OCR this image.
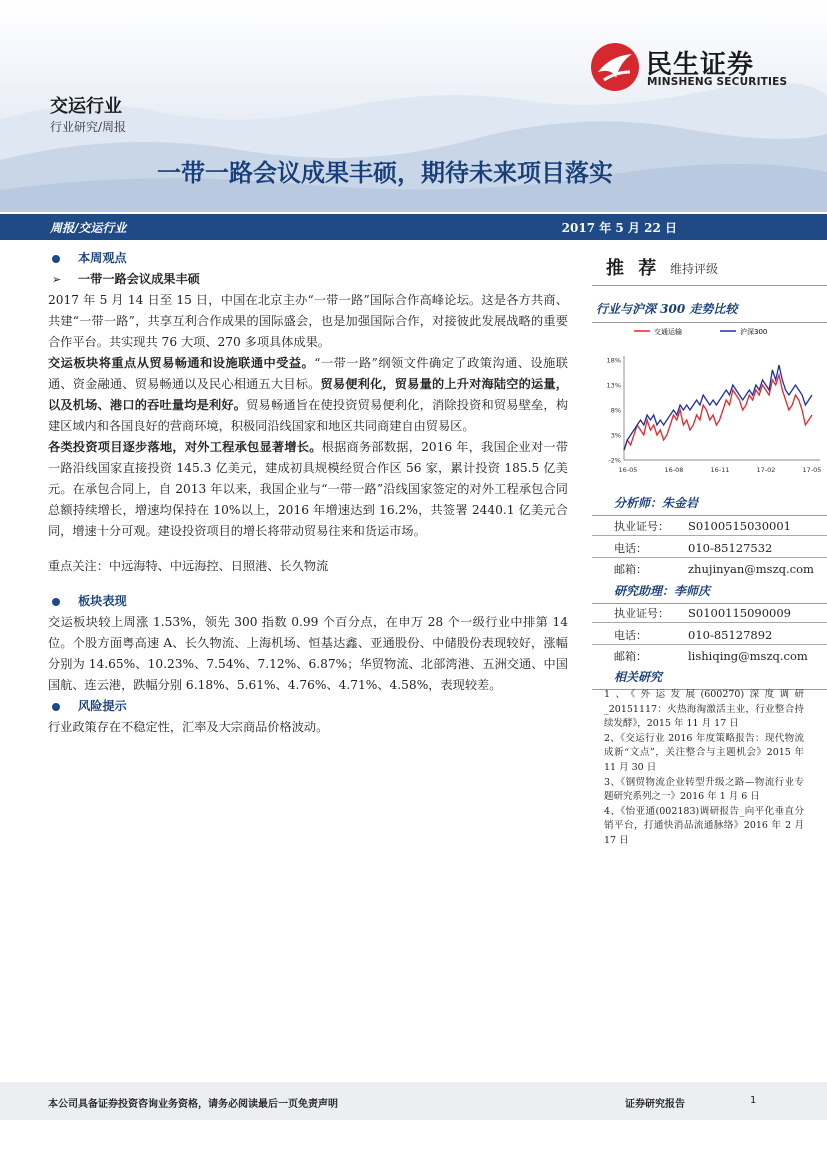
民生证券
MINSHENG SECURITIES
交运行业
行业研究/周报
一带一路会议成果丰硕，期待未来项目落实
周报/交运行业	2017 年 5 月 22 日
本周观点
➢ 一带一路会议成果丰硕
2017 年 5 月 14 日至 15 日，中国在北京主办“一带一路”国际合作高峰论坛。这是各方共商、共建“一带一路”，共享互利合作成果的国际盛会，也是加强国际合作，对接彼此发展战略的重要合作平台。共实现共 76 大项、270 多项具体成果。
交运板块将重点从贸易畅通和设施联通中受益。“一带一路”纲领文件确定了政策沟通、设施联通、资金融通、贸易畅通以及民心相通五大目标。贸易便利化，贸易量的上升对海陆空的运量，以及机场、港口的吞吐量均是利好。贸易畅通旨在使投资贸易便利化，消除投资和贸易壁垒，构建区域内和各国良好的营商环境，积极同沿线国家和地区共同商建自由贸易区。
各类投资项目逐步落地，对外工程承包显著增长。根据商务部数据，2016 年，我国企业对一带一路沿线国家直接投资 145.3 亿美元，建成初具规模经贸合作区 56 家，累计投资 185.5 亿美元。在承包合同上，自 2013 年以来，我国企业与“一带一路”沿线国家签定的对外工程承包合同总额持续增长，增速均保持在 10%以上，2016 年增速达到 16.2%，共签署 2440.1 亿美元合同，增速十分可观。建设投资项目的增长将带动贸易往来和货运市场。
重点关注：中远海特、中远海控、日照港、长久物流
板块表现
交运板块较上周涨 1.53%，领先 300 指数 0.99 个百分点，在申万 28 个一级行业中排第 14 位。个股方面粤高速 A、长久物流、上海机场、恒基达鑫、亚通股份、中储股份表现较好，涨幅分别为 14.65%、10.23%、7.54%、7.12%、6.87%；华贸物流、北部湾港、五洲交通、中国国航、连云港，跌幅分别 6.18%、5.61%、4.76%、4.71%、4.58%，表现较差。
风险提示
行业政策存在不稳定性，汇率及大宗商品价格波动。
推 荐 维持评级
行业与沪深 300 走势比较
交通运输	沪深300
18%
13%
8%
3%
-2%
16-05	16-08	16-11	17-02	17-05
分析师：朱金岩
执业证号： S0100515030001
电话：	010-85127532
邮箱：	zhujinyan@mszq.com
研究助理：李师庆
执业证号： S0100115090009
电话：	010-85127892
邮箱：	lishiqing@mszq.com
相关研究
1、《外运发展(600270)深度调研_20151117：火热海淘激活主业，行业整合持续发酵》，2015 年 11 月 17 日
2、《交运行业 2016 年度策略报告：现代物流成新“文点”，关注整合与主题机会》2015 年 11 月 30 日
3、《钢贸物流企业转型升级之路—物流行业专题研究系列之一》2016 年 1 月 6 日
4、《怡亚通(002183)调研报告_向平化垂直分销平台，打通快消品流通脉络》2016 年 2 月 17 日
本公司具备证券投资咨询业务资格，请务必阅读最后一页免责声明	证券研究报告	1
